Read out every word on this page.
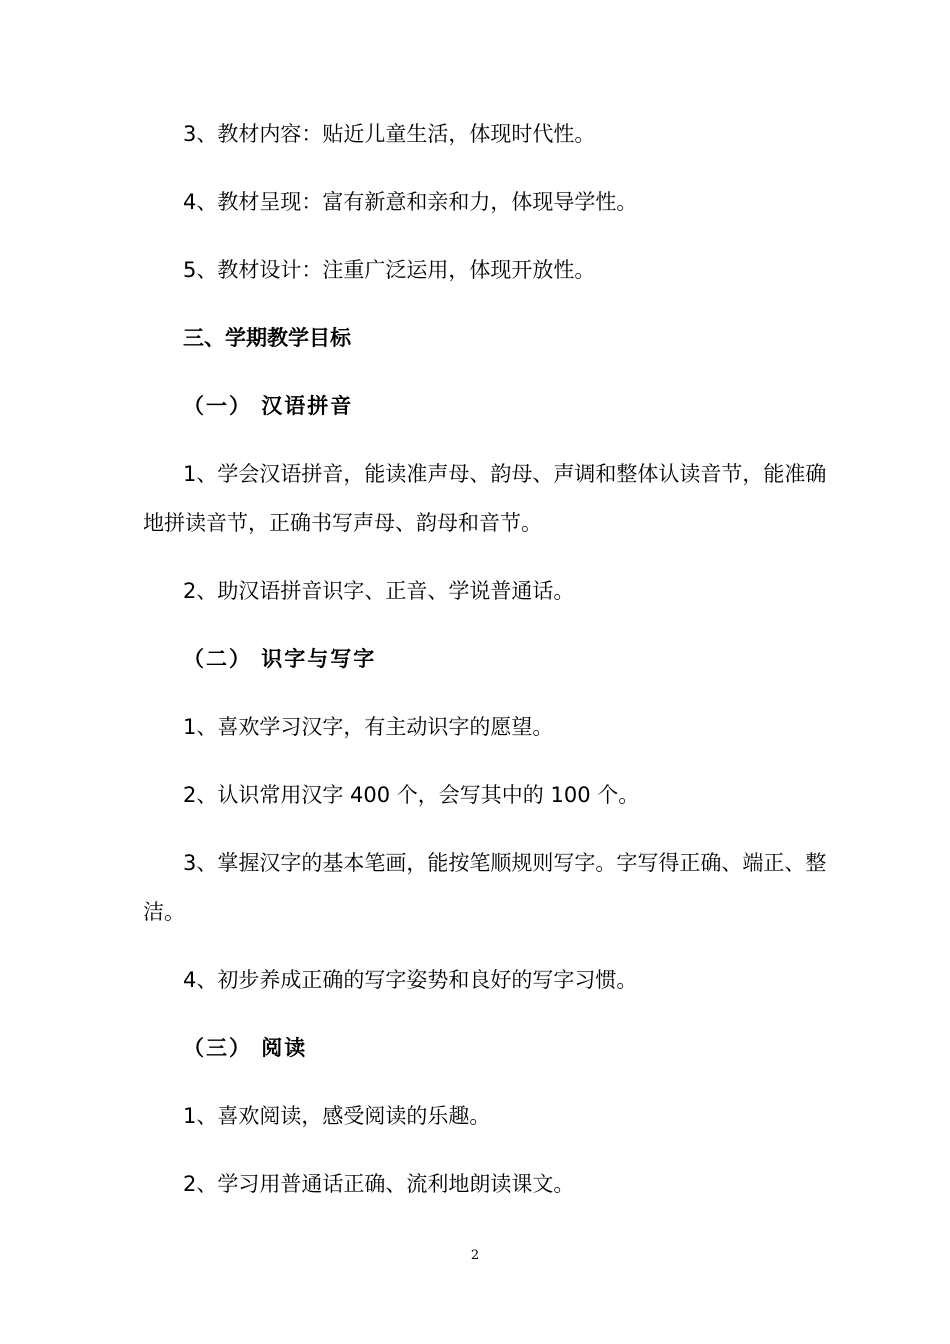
3、教材内容：贴近儿童生活，体现时代性。
4、教材呈现：富有新意和亲和力，体现导学性。
5、教材设计：注重广泛运用，体现开放性。
三、学期教学目标
（一） 汉语拼音
1、学会汉语拼音，能读准声母、韵母、声调和整体认读音节，能准确
地拼读音节，正确书写声母、韵母和音节。
2、助汉语拼音识字、正音、学说普通话。
（二） 识字与写字
1、喜欢学习汉字，有主动识字的愿望。
2、认识常用汉字 400 个，会写其中的 100 个。
3、掌握汉字的基本笔画，能按笔顺规则写字。字写得正确、端正、整
洁。
4、初步养成正确的写字姿势和良好的写字习惯。
（三） 阅读
1、喜欢阅读，感受阅读的乐趣。
2、学习用普通话正确、流利地朗读课文。
2
